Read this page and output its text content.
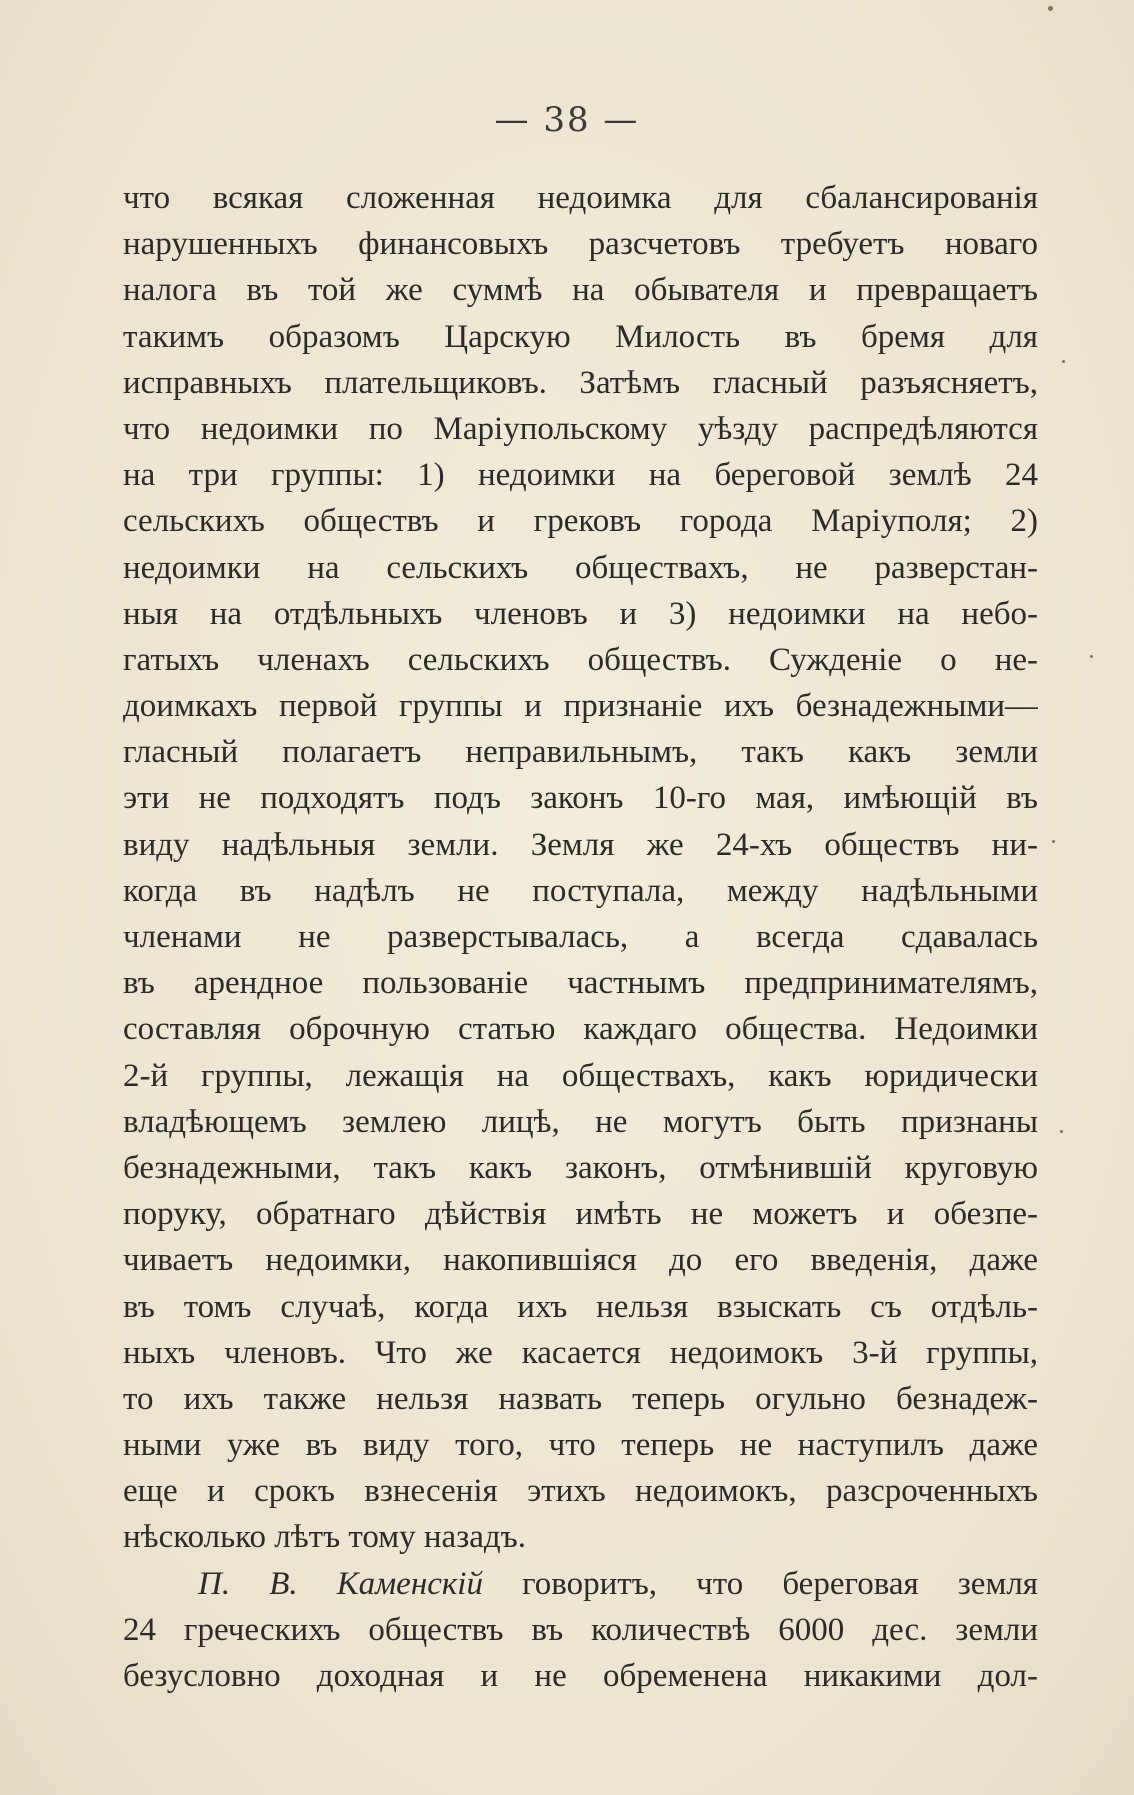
— 38 —
что всякая сложенная недоимка для сбалансированія
нарушенныхъ финансовыхъ разсчетовъ требуетъ новаго
налога въ той же суммѣ на обывателя и превращаетъ
такимъ образомъ Царскую Милость въ бремя для
исправныхъ плательщиковъ. Затѣмъ гласный разъясняетъ,
что недоимки по Маріупольскому уѣзду распредѣляются
на три группы: 1) недоимки на береговой землѣ 24
сельскихъ обществъ и грековъ города Маріуполя; 2)
недоимки на сельскихъ обществахъ, не разверстан-
ныя на отдѣльныхъ членовъ и 3) недоимки на небо-
гатыхъ членахъ сельскихъ обществъ. Сужденіе о не-
доимкахъ первой группы и признаніе ихъ безнадежными—
гласный полагаетъ неправильнымъ, такъ какъ земли
эти не подходятъ подъ законъ 10-го мая, имѣющій въ
виду надѣльныя земли. Земля же 24-хъ обществъ ни-
когда въ надѣлъ не поступала, между надѣльными
членами не разверстывалась, а всегда сдавалась
въ арендное пользованіе частнымъ предпринимателямъ,
составляя оброчную статью каждаго общества. Недоимки
2-й группы, лежащія на обществахъ, какъ юридически
владѣющемъ землею лицѣ, не могутъ быть признаны
безнадежными, такъ какъ законъ, отмѣнившій круговую
поруку, обратнаго дѣйствія имѣть не можетъ и обезпе-
чиваетъ недоимки, накопившіяся до его введенія, даже
въ томъ случаѣ, когда ихъ нельзя взыскать съ отдѣль-
ныхъ членовъ. Что же касается недоимокъ 3-й группы,
то ихъ также нельзя назвать теперь огульно безнадеж-
ными уже въ виду того, что теперь не наступилъ даже
еще и срокъ взнесенія этихъ недоимокъ, разсроченныхъ
нѣсколько лѣтъ тому назадъ.
П. В. Каменскій говоритъ, что береговая земля
24 греческихъ обществъ въ количествѣ 6000 дес. земли
безусловно доходная и не обременена никакими дол-
